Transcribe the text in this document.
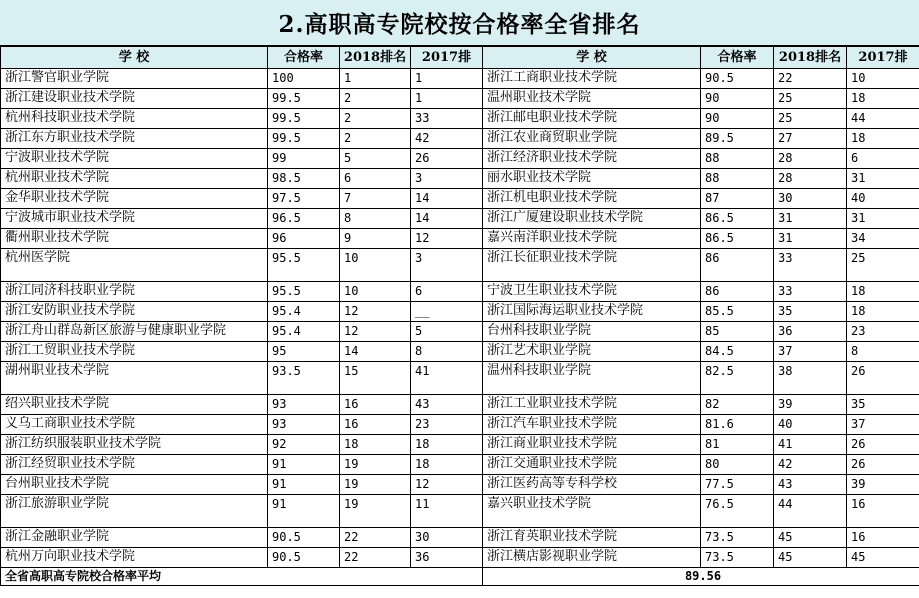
2.高职高专院校按合格率全省排名
学 校	合格率	2018排名	2017排	学 校	合格率	2018排名	2017排
浙江警官职业学院	100	1	1	浙江工商职业技术学院	90.5	22	10
浙江建设职业技术学院	99.5	2	1	温州职业技术学院	90	25	18
杭州科技职业技术学院	99.5	2	33	浙江邮电职业技术学院	90	25	44
浙江东方职业技术学院	99.5	2	42	浙江农业商贸职业学院	89.5	27	18
宁波职业技术学院	99	5	26	浙江经济职业技术学院	88	28	6
杭州职业技术学院	98.5	6	3	丽水职业技术学院	88	28	31
金华职业技术学院	97.5	7	14	浙江机电职业技术学院	87	30	40
宁波城市职业技术学院	96.5	8	14	浙江广厦建设职业技术学院	86.5	31	31
衢州职业技术学院	96	9	12	嘉兴南洋职业技术学院	86.5	31	34
杭州医学院	95.5	10	3	浙江长征职业技术学院	86	33	25
浙江同济科技职业学院	95.5	10	6	宁波卫生职业技术学院	86	33	18
浙江安防职业技术学院	95.4	12	__	浙江国际海运职业技术学院	85.5	35	18
浙江舟山群岛新区旅游与健康职业学院	95.4	12	5	台州科技职业学院	85	36	23
浙江工贸职业技术学院	95	14	8	浙江艺术职业学院	84.5	37	8
湖州职业技术学院	93.5	15	41	温州科技职业学院	82.5	38	26
绍兴职业技术学院	93	16	43	浙江工业职业技术学院	82	39	35
义乌工商职业技术学院	93	16	23	浙江汽车职业技术学院	81.6	40	37
浙江纺织服装职业技术学院	92	18	18	浙江商业职业技术学院	81	41	26
浙江经贸职业技术学院	91	19	18	浙江交通职业技术学院	80	42	26
台州职业技术学院	91	19	12	浙江医药高等专科学校	77.5	43	39
浙江旅游职业学院	91	19	11	嘉兴职业技术学院	76.5	44	16
浙江金融职业学院	90.5	22	30	浙江育英职业技术学院	73.5	45	16
杭州万向职业技术学院	90.5	22	36	浙江横店影视职业学院	73.5	45	45
全省高职高专院校合格率平均				89.56			
